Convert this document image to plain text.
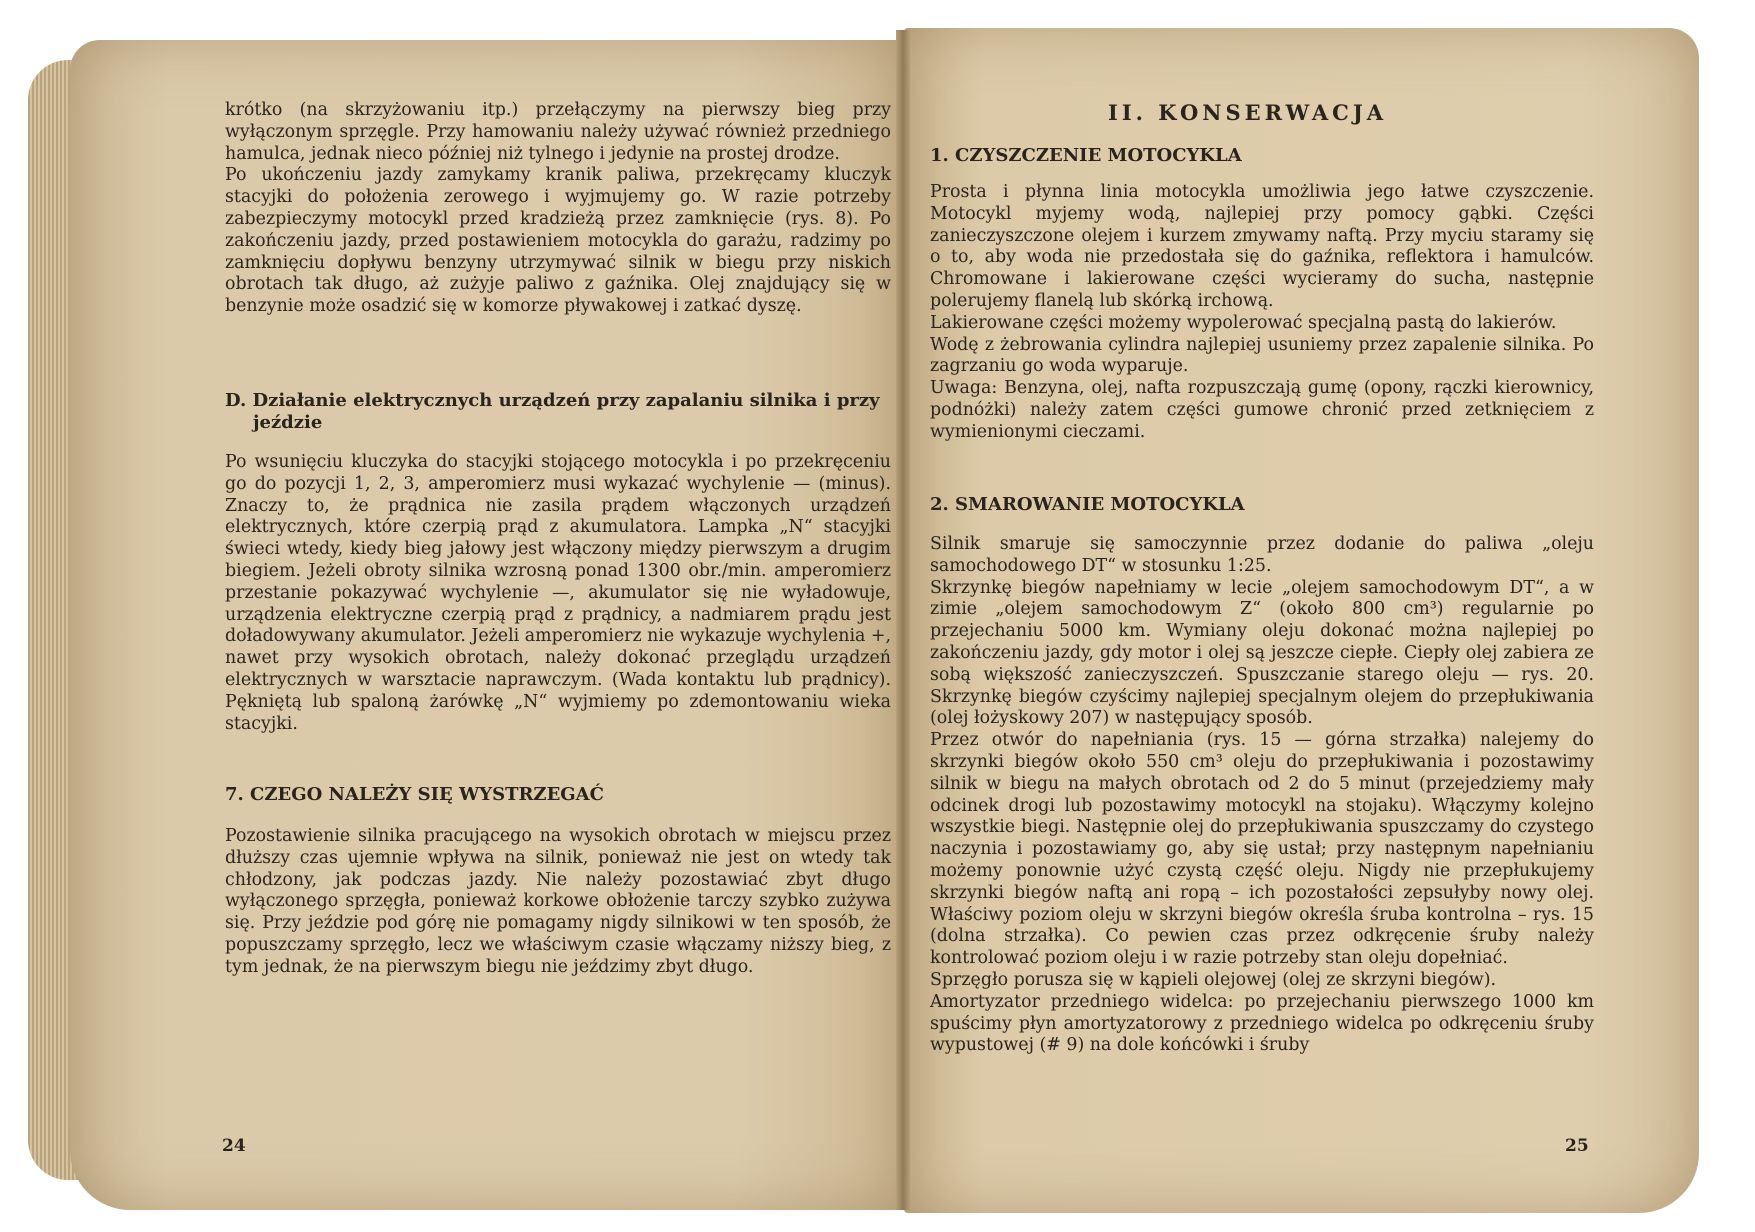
krótko (na skrzyżowaniu itp.) przełączymy na pierwszy bieg przy wyłączonym sprzęgle. Przy hamowaniu należy używać również przedniego hamulca, jednak nieco później niż tylnego i jedynie na prostej drodze.

Po ukończeniu jazdy zamykamy kranik paliwa, przekręcamy kluczyk stacyjki do położenia zerowego i wyjmujemy go. W razie potrzeby zabezpieczymy motocykl przed kradzieżą przez zamknięcie (rys. 8). Po zakończeniu jazdy, przed postawieniem motocykla do garażu, radzimy po zamknięciu dopływu benzyny utrzymywać silnik w biegu przy niskich obrotach tak długo, aż zużyje paliwo z gaźnika. Olej znajdujący się w benzynie może osadzić się w komorze pływakowej i zatkać dyszę.

D. Działanie elektrycznych urządzeń przy zapalaniu silnika i przy jeździe

Po wsunięciu kluczyka do stacyjki stojącego motocykla i po przekręceniu go do pozycji 1, 2, 3, amperomierz musi wykazać wychylenie — (minus). Znaczy to, że prądnica nie zasila prądem włączonych urządzeń elektrycznych, które czerpią prąd z akumulatora. Lampka „N“ stacyjki świeci wtedy, kiedy bieg jałowy jest włączony między pierwszym a drugim biegiem. Jeżeli obroty silnika wzrosną ponad 1300 obr./min. amperomierz przestanie pokazywać wychylenie —, akumulator się nie wyładowuje, urządzenia elektryczne czerpią prąd z prądnicy, a nadmiarem prądu jest doładowywany akumulator. Jeżeli amperomierz nie wykazuje wychylenia +, nawet przy wysokich obrotach, należy dokonać przeglądu urządzeń elektrycznych w warsztacie naprawczym. (Wada kontaktu lub prądnicy). Pękniętą lub spaloną żarówkę „N“ wyjmiemy po zdemontowaniu wieka stacyjki.

7. CZEGO NALEŻY SIĘ WYSTRZEGAĆ

Pozostawienie silnika pracującego na wysokich obrotach w miejscu przez dłuższy czas ujemnie wpływa na silnik, ponieważ nie jest on wtedy tak chłodzony, jak podczas jazdy. Nie należy pozostawiać zbyt długo wyłączonego sprzęgła, ponieważ korkowe obłożenie tarczy szybko zużywa się. Przy jeździe pod górę nie pomagamy nigdy silnikowi w ten sposób, że popuszczamy sprzęgło, lecz we właściwym czasie włączamy niższy bieg, z tym jednak, że na pierwszym biegu nie jeździmy zbyt długo.

24
II. KONSERWACJA
1. CZYSZCZENIE MOTOCYKLA

Prosta i płynna linia motocykla umożliwia jego łatwe czyszczenie. Motocykl myjemy wodą, najlepiej przy pomocy gąbki. Części zanieczyszczone olejem i kurzem zmywamy naftą. Przy myciu staramy się o to, aby woda nie przedostała się do gaźnika, reflektora i hamulców. Chromowane i lakierowane części wycieramy do sucha, następnie polerujemy flanelą lub skórką irchową.

Lakierowane części możemy wypolerować specjalną pastą do lakierów.

Wodę z żebrowania cylindra najlepiej usuniemy przez zapalenie silnika. Po zagrzaniu go woda wyparuje.

Uwaga: Benzyna, olej, nafta rozpuszczają gumę (opony, rączki kierownicy, podnóżki) należy zatem części gumowe chronić przed zetknięciem z wymienionymi cieczami.

2. SMAROWANIE MOTOCYKLA

Silnik smaruje się samoczynnie przez dodanie do paliwa „oleju samochodowego DT“ w stosunku 1:25.

Skrzynkę biegów napełniamy w lecie „olejem samochodowym DT“, a w zimie „olejem samochodowym Z“ (około 800 cm³) regularnie po przejechaniu 5000 km. Wymiany oleju dokonać można najlepiej po zakończeniu jazdy, gdy motor i olej są jeszcze ciepłe. Ciepły olej zabiera ze sobą większość zanieczyszczeń. Spuszczanie starego oleju — rys. 20. Skrzynkę biegów czyścimy najlepiej specjalnym olejem do przepłukiwania (olej łożyskowy 207) w następujący sposób.

Przez otwór do napełniania (rys. 15 — górna strzałka) nalejemy do skrzynki biegów około 550 cm³ oleju do przepłukiwania i pozostawimy silnik w biegu na małych obrotach od 2 do 5 minut (przejedziemy mały odcinek drogi lub pozostawimy motocykl na stojaku). Włączymy kolejno wszystkie biegi. Następnie olej do przepłukiwania spuszczamy do czystego naczynia i pozostawiamy go, aby się ustał; przy następnym napełnianiu możemy ponownie użyć czystą część oleju. Nigdy nie przepłukujemy skrzynki biegów naftą ani ropą – ich pozostałości zepsułyby nowy olej. Właściwy poziom oleju w skrzyni biegów określa śruba kontrolna – rys. 15 (dolna strzałka). Co pewien czas przez odkręcenie śruby należy kontrolować poziom oleju i w razie potrzeby stan oleju dopełniać.

Sprzęgło porusza się w kąpieli olejowej (olej ze skrzyni biegów).

Amortyzator przedniego widelca: po przejechaniu pierwszego 1000 km spuścimy płyn amortyzatorowy z przedniego widelca po odkręceniu śruby wypustowej (# 9) na dole końcówki i śruby

25
